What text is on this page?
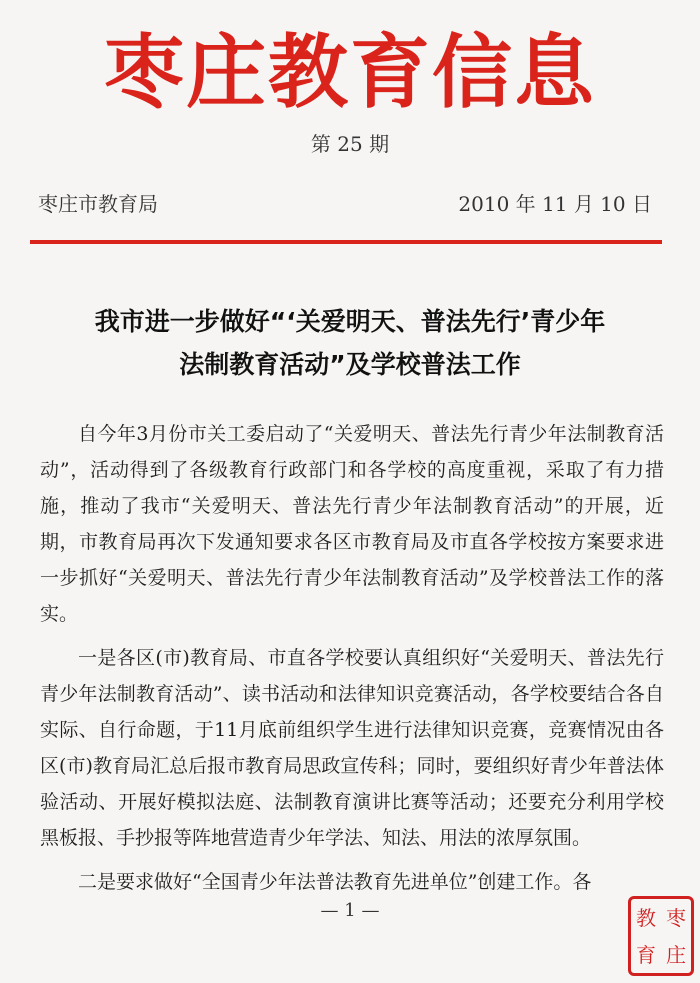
枣庄教育信息
第 25 期
枣庄市教育局	2010 年 11 月 10 日
我市进一步做好“‘关爱明天、普法先行’青少年
法制教育活动”及学校普法工作

自今年3月份市关工委启动了“关爱明天、普法先行青少年法制教育活动”，活动得到了各级教育行政部门和各学校的高度重视，采取了有力措施，推动了我市“关爱明天、普法先行青少年法制教育活动”的开展，近期，市教育局再次下发通知要求各区市教育局及市直各学校按方案要求进一步抓好“关爱明天、普法先行青少年法制教育活动”及学校普法工作的落实。

一是各区(市)教育局、市直各学校要认真组织好“关爱明天、普法先行青少年法制教育活动”、读书活动和法律知识竞赛活动，各学校要结合各自实际、自行命题，于11月底前组织学生进行法律知识竞赛，竞赛情况由各区(市)教育局汇总后报市教育局思政宣传科；同时，要组织好青少年普法体验活动、开展好模拟法庭、法制教育演讲比赛等活动；还要充分利用学校黑板报、手抄报等阵地营造青少年学法、知法、用法的浓厚氛围。

二是要求做好“全国青少年法普法教育先进单位”创建工作。各

— 1 —	教 枣
育 庄
